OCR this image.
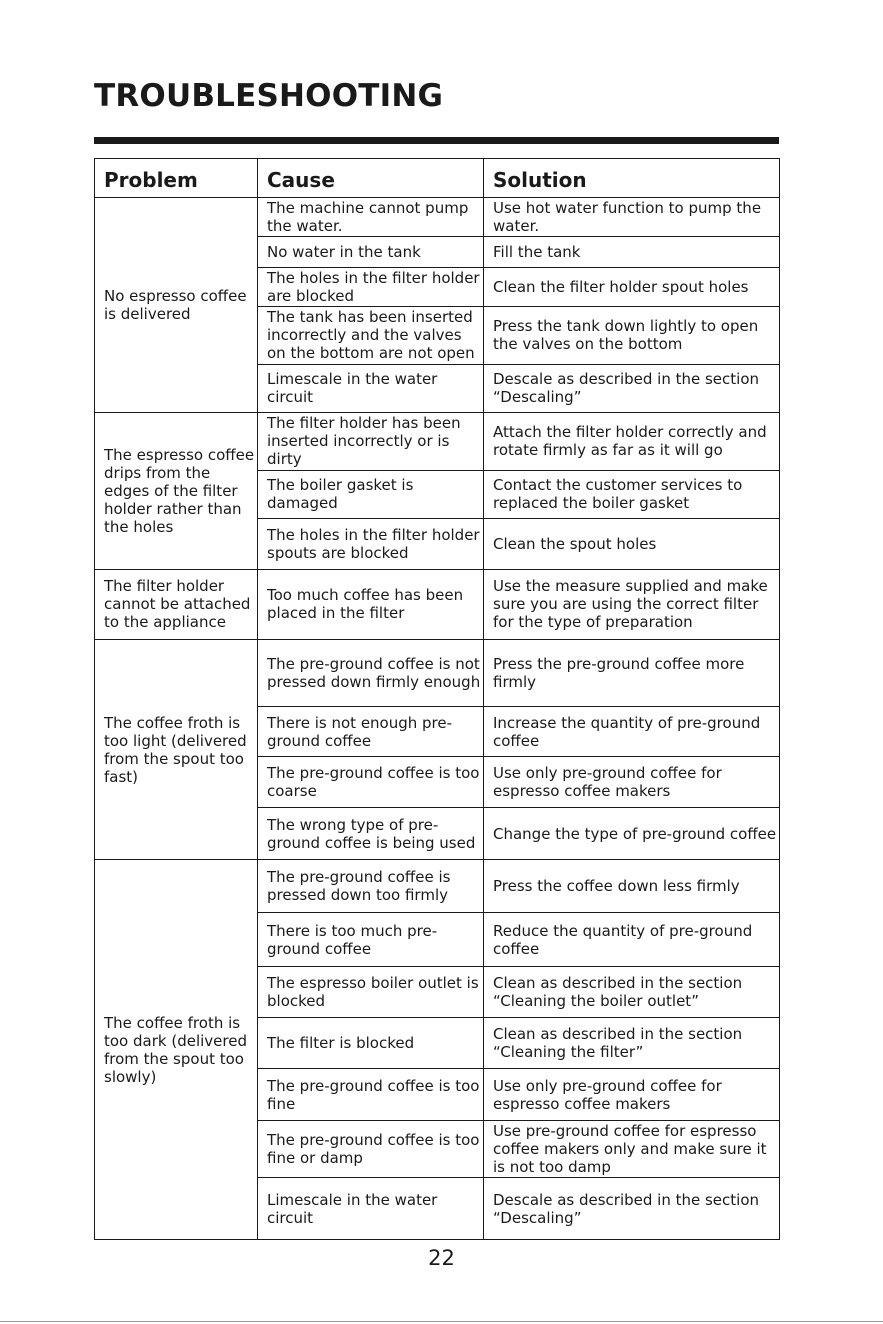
TROUBLESHOOTING
Problem	Cause	Solution
No espresso coffee is delivered	The machine cannot pump the water.	Use hot water function to pump the water.
	No water in the tank	Fill the tank
	The holes in the filter holder are blocked	Clean the filter holder spout holes
	The tank has been inserted incorrectly and the valves on the bottom are not open	Press the tank down lightly to open the valves on the bottom
	Limescale in the water circuit	Descale as described in the section “Descaling”
The espresso coffee drips from the edges of the filter holder rather than the holes	The filter holder has been inserted incorrectly or is dirty	Attach the filter holder correctly and rotate firmly as far as it will go
	The boiler gasket is damaged	Contact the customer services to replaced the boiler gasket
	The holes in the filter holder spouts are blocked	Clean the spout holes
The filter holder cannot be attached to the appliance	Too much coffee has been placed in the filter	Use the measure supplied and make sure you are using the correct filter for the type of preparation
The coffee froth is too light (delivered from the spout too fast)	The pre-ground coffee is not pressed down firmly enough	Press the pre-ground coffee more firmly
	There is not enough pre-ground coffee	Increase the quantity of pre-ground coffee
	The pre-ground coffee is too coarse	Use only pre-ground coffee for espresso coffee makers
	The wrong type of pre-ground coffee is being used	Change the type of pre-ground coffee
The coffee froth is too dark (delivered from the spout too slowly)	The pre-ground coffee is pressed down too firmly	Press the coffee down less firmly
	There is too much pre-ground coffee	Reduce the quantity of pre-ground coffee
	The espresso boiler outlet is blocked	Clean as described in the section “Cleaning the boiler outlet”
	The filter is blocked	Clean as described in the section “Cleaning the filter”
	The pre-ground coffee is too fine	Use only pre-ground coffee for espresso coffee makers
	The pre-ground coffee is too fine or damp	Use pre-ground coffee for espresso coffee makers only and make sure it is not too damp
	Limescale in the water circuit	Descale as described in the section “Descaling”
22
